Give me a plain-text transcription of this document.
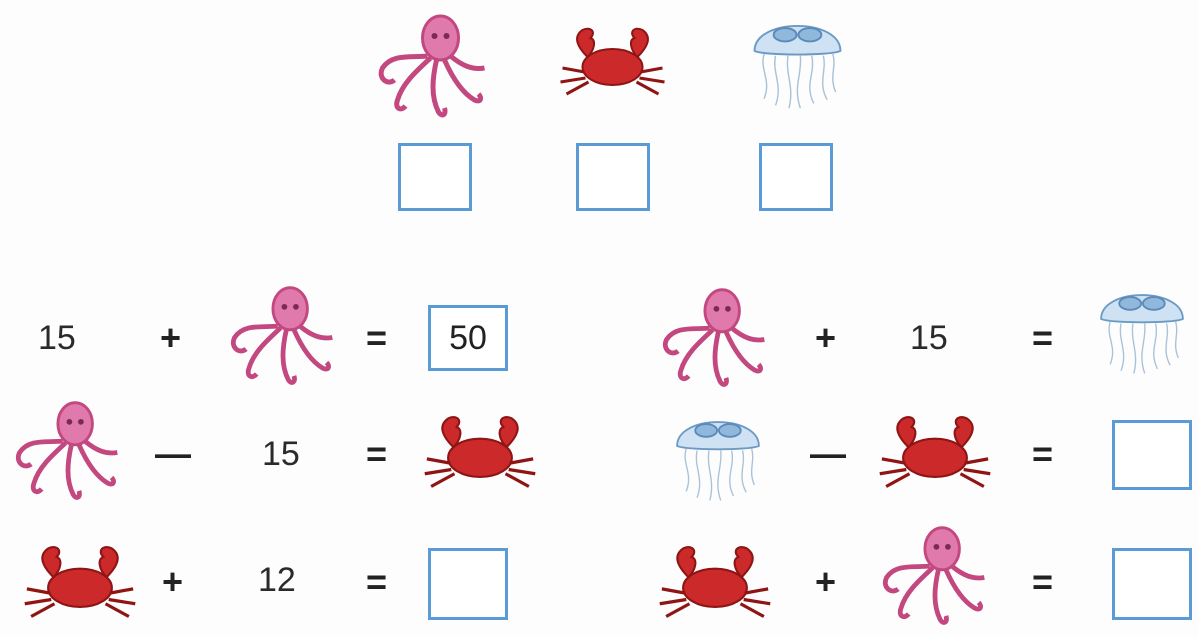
15 +	=	50	+ 15 =
— 15 =	—	=
+ 12 =	+	=
